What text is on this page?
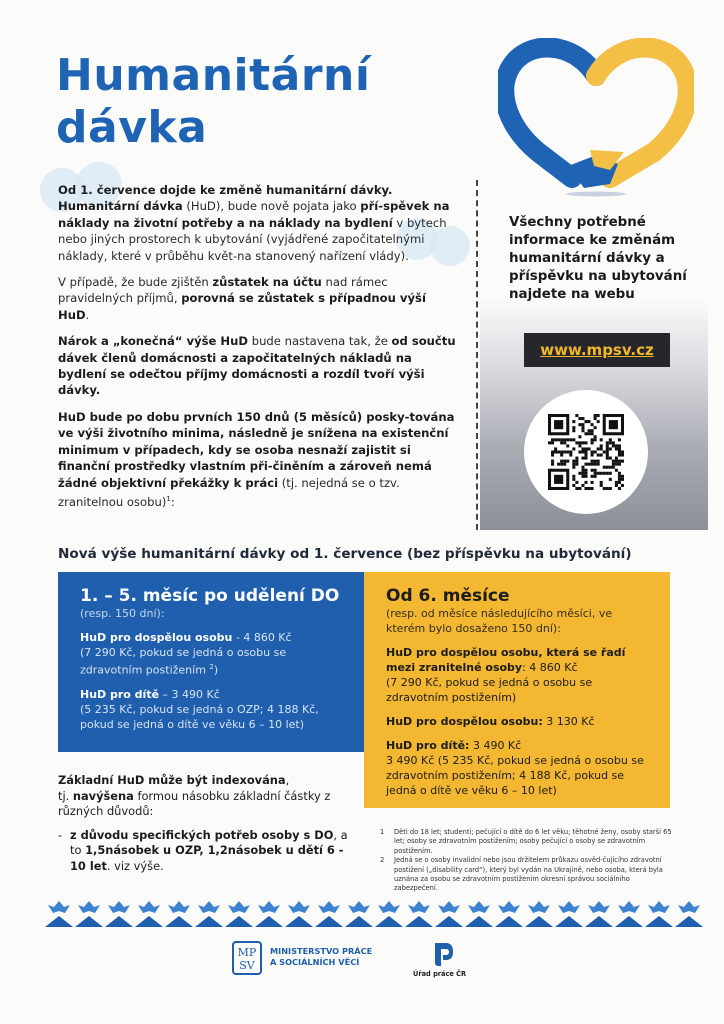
Humanitární
dávka

Od 1. července dojde ke změně humanitární dávky.
Humanitární dávka (HuD), bude nově pojata jako pří-spěvek na náklady na životní potřeby a na náklady na bydlení v bytech nebo jiných prostorech k ubytování (vyjádřené započitatelnými náklady, které v průběhu květ-na stanovený nařízení vlády).

V případě, že bude zjištěn zůstatek na účtu nad rámec pravidelných příjmů, porovná se zůstatek s případnou výší HuD.

Nárok a „konečná“ výše HuD bude nastavena tak, že od součtu dávek členů domácnosti a započitatelných nákladů na bydlení se odečtou příjmy domácnosti a rozdíl tvoří výši dávky.

HuD bude po dobu prvních 150 dnů (5 měsíců) posky-tována ve výši životního minima, následně je snížena na existenční minimum v případech, kdy se osoba nesnaží zajistit si finanční prostředky vlastním při-činěním a zároveň nemá žádné objektivní překážky k práci (tj. nejedná se o tzv. zranitelnou osobu)$^1$:

Všechny potřebné informace ke změnám humanitární dávky a příspěvku na ubytování najdete na webu
www.mpsv.cz
Nová výše humanitární dávky od 1. července (bez příspěvku na ubytování)

1. – 5. měsíc po udělení DO

(resp. 150 dní):

HuD pro dospělou osobu - 4 860 Kč
(7 290 Kč, pokud se jedná o osobu se zdravotním postižením $^2$)

HuD pro dítě – 3 490 Kč
(5 235 Kč, pokud se jedná o OZP; 4 188 Kč, pokud se jedná o dítě ve věku 6 – 10 let)

Od 6. měsíce

(resp. od měsíce následujícího měsíci, ve kterém bylo dosaženo 150 dní):

HuD pro dospělou osobu, která se řadí mezi zranitelné osoby: 4 860 Kč
(7 290 Kč, pokud se jedná o osobu se zdravotním postižením)

HuD pro dospělou osobu: 3 130 Kč

HuD pro dítě: 3 490 Kč
3 490 Kč (5 235 Kč, pokud se jedná o osobu se zdravotním postižením; 4 188 Kč, pokud se jedná o dítě ve věku 6 – 10 let)

Základní HuD může být indexována,
tj. navýšena formou násobku základní částky z různých důvodů:

- z důvodu specifických potřeb osoby s DO, a to 1,5násobek u OZP, 1,2násobek u dětí 6 - 10 let. viz výše.
1	Děti do 18 let; studenti; pečující o dítě do 6 let věku; těhotné ženy, osoby starší 65 let; osoby se zdravotním postižením; osoby pečující o osoby se zdravotním postižením.
2	Jedná se o osoby invalidní nebo jsou držitelem průkazu osvěd-čujícího zdravotní postižení („disability card“), který byl vydán na Ukrajině, nebo osoba, která byla uznána za osobu se zdravotním postižením okresní správou sociálního zabezpečení.
MP
SV
MINISTERSTVO PRÁCE
A SOCIÁLNÍCH VĚCÍ
Úřad práce ČR
